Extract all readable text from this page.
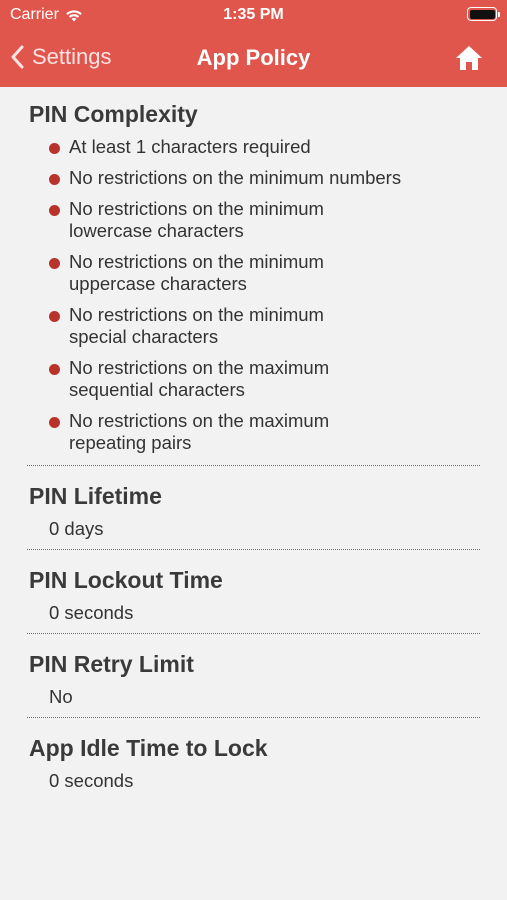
Carrier	1:35 PM
Settings	App Policy
PIN Complexity
At least 1 characters required
No restrictions on the minimum numbers
No restrictions on the minimum
lowercase characters
No restrictions on the minimum
uppercase characters
No restrictions on the minimum
special characters
No restrictions on the maximum
sequential characters
No restrictions on the maximum
repeating pairs
PIN Lifetime
0 days
PIN Lockout Time
0 seconds
PIN Retry Limit
No
App Idle Time to Lock
0 seconds
